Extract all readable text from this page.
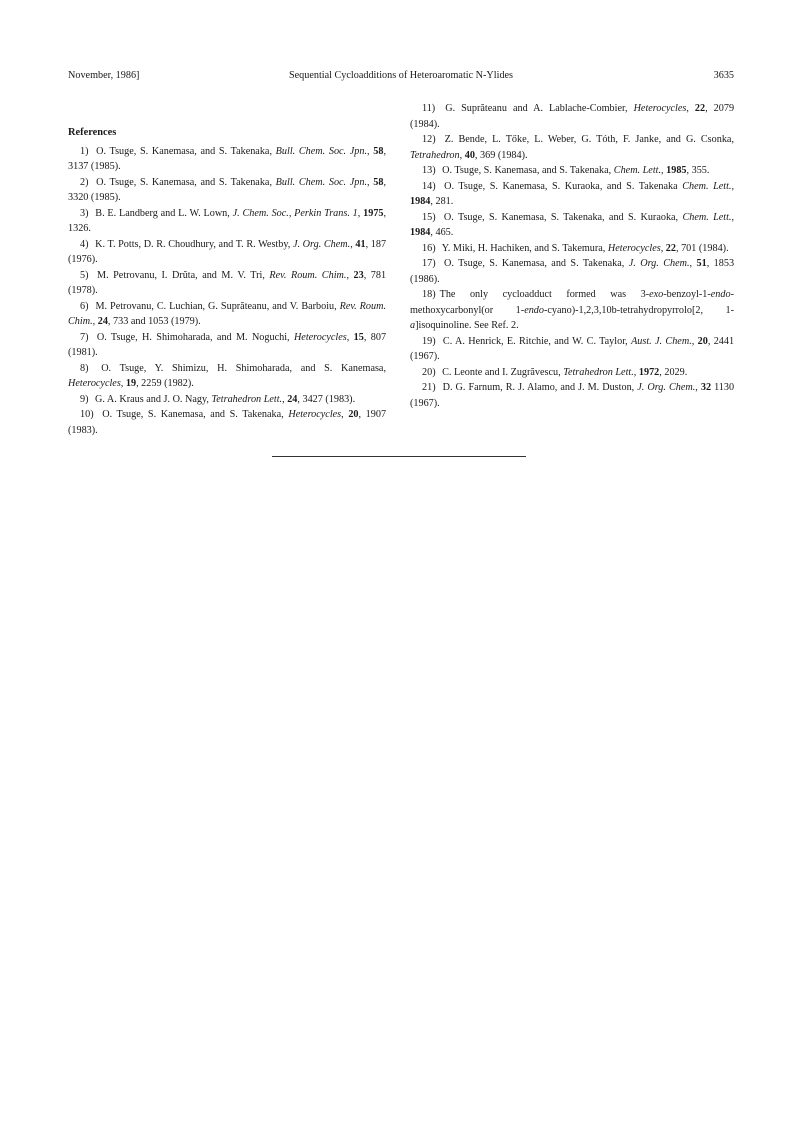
November, 1986]	Sequential Cycloadditions of Heteroaromatic N-Ylides	3635
References

1) O. Tsuge, S. Kanemasa, and S. Takenaka, Bull. Chem. Soc. Jpn., 58, 3137 (1985).

2) O. Tsuge, S. Kanemasa, and S. Takenaka, Bull. Chem. Soc. Jpn., 58, 3320 (1985).

3) B. E. Landberg and L. W. Lown, J. Chem. Soc., Perkin Trans. 1, 1975, 1326.

4) K. T. Potts, D. R. Choudhury, and T. R. Westby, J. Org. Chem., 41, 187 (1976).

5) M. Petrovanu, I. Drŭta, and M. V. Tri, Rev. Roum. Chim., 23, 781 (1978).

6) M. Petrovanu, C. Luchian, G. Suprăteanu, and V. Barboiu, Rev. Roum. Chim., 24, 733 and 1053 (1979).

7) O. Tsuge, H. Shimoharada, and M. Noguchi, Heterocycles, 15, 807 (1981).

8) O. Tsuge, Y. Shimizu, H. Shimoharada, and S. Kanemasa, Heterocycles, 19, 2259 (1982).

9) G. A. Kraus and J. O. Nagy, Tetrahedron Lett., 24, 3427 (1983).

10) O. Tsuge, S. Kanemasa, and S. Takenaka, Heterocycles, 20, 1907 (1983).

11) G. Suprăteanu and A. Lablache-Combier, Heterocycles, 22, 2079 (1984).

12) Z. Bende, L. Tőke, L. Weber, G. Tóth, F. Janke, and G. Csonka, Tetrahedron, 40, 369 (1984).

13) O. Tsuge, S. Kanemasa, and S. Takenaka, Chem. Lett., 1985, 355.

14) O. Tsuge, S. Kanemasa, S. Kuraoka, and S. Takenaka Chem. Lett., 1984, 281.

15) O. Tsuge, S. Kanemasa, S. Takenaka, and S. Kuraoka, Chem. Lett., 1984, 465.

16) Y. Miki, H. Hachiken, and S. Takemura, Heterocycles, 22, 701 (1984).

17) O. Tsuge, S. Kanemasa, and S. Takenaka, J. Org. Chem., 51, 1853 (1986).

18) The only cycloadduct formed was 3-exo-benzoyl-1-endo-methoxycarbonyl(or 1-endo-cyano)-1,2,3,10b-tetrahydropyrrolo[2, 1-a]isoquinoline. See Ref. 2.

19) C. A. Henrick, E. Ritchie, and W. C. Taylor, Aust. J. Chem., 20, 2441 (1967).

20) C. Leonte and I. Zugrăvescu, Tetrahedron Lett., 1972, 2029.

21) D. G. Farnum, R. J. Alamo, and J. M. Duston, J. Org. Chem., 32 1130 (1967).
